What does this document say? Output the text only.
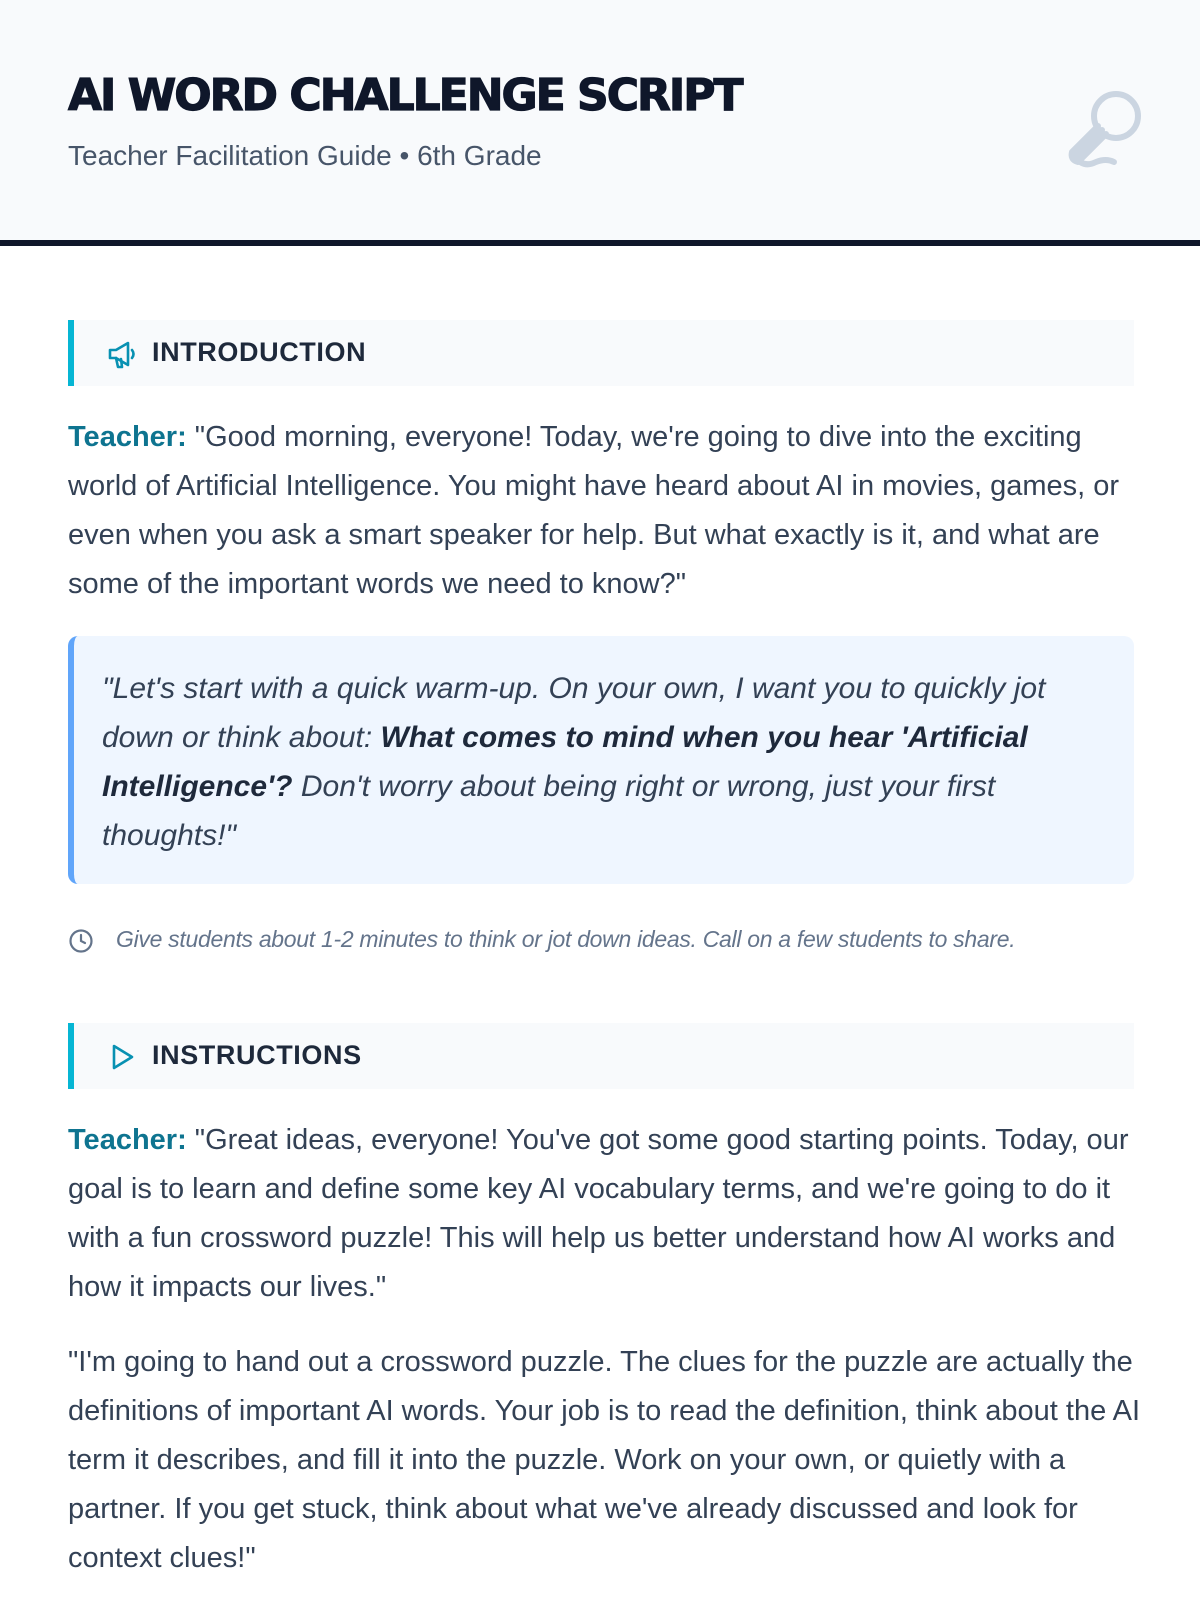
AI WORD CHALLENGE SCRIPT
Teacher Facilitation Guide • 6th Grade
INTRODUCTION

Teacher: "Good morning, everyone! Today, we're going to dive into the exciting world of Artificial Intelligence. You might have heard about AI in movies, games, or even when you ask a smart speaker for help. But what exactly is it, and what are some of the important words we need to know?"

"Let's start with a quick warm-up. On your own, I want you to quickly jot down or think about: What comes to mind when you hear 'Artificial Intelligence'? Don't worry about being right or wrong, just your first thoughts!"

Give students about 1-2 minutes to think or jot down ideas. Call on a few students to share.
INSTRUCTIONS

Teacher: "Great ideas, everyone! You've got some good starting points. Today, our goal is to learn and define some key AI vocabulary terms, and we're going to do it with a fun crossword puzzle! This will help us better understand how AI works and how it impacts our lives."

"I'm going to hand out a crossword puzzle. The clues for the puzzle are actually the definitions of important AI words. Your job is to read the definition, think about the AI term it describes, and fill it into the puzzle. Work on your own, or quietly with a partner. If you get stuck, think about what we've already discussed and look for context clues!"
